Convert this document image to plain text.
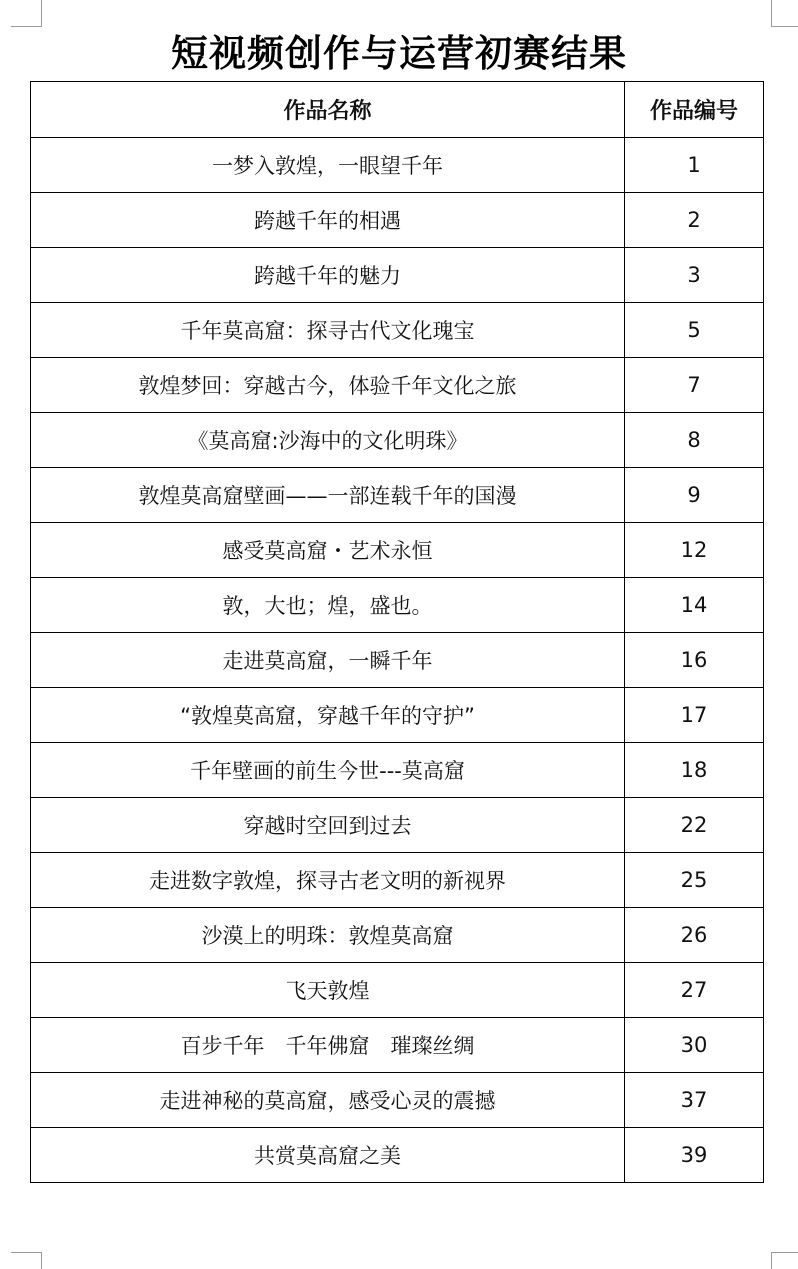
短视频创作与运营初赛结果
作品名称	作品编号
一梦入敦煌，一眼望千年	1
跨越千年的相遇	2
跨越千年的魅力	3
千年莫高窟：探寻古代文化瑰宝	5
敦煌梦回：穿越古今，体验千年文化之旅	7
《莫高窟:沙海中的文化明珠》	8
敦煌莫高窟壁画——一部连载千年的国漫	9
感受莫高窟・艺术永恒	12
敦，大也；煌，盛也。	14
走进莫高窟，一瞬千年	16
“敦煌莫高窟，穿越千年的守护”	17
千年壁画的前生今世---莫高窟	18
穿越时空回到过去	22
走进数字敦煌，探寻古老文明的新视界	25
沙漠上的明珠：敦煌莫高窟	26
飞天敦煌	27
百步千年　千年佛窟　璀璨丝绸	30
走进神秘的莫高窟，感受心灵的震撼	37
共赏莫高窟之美	39
